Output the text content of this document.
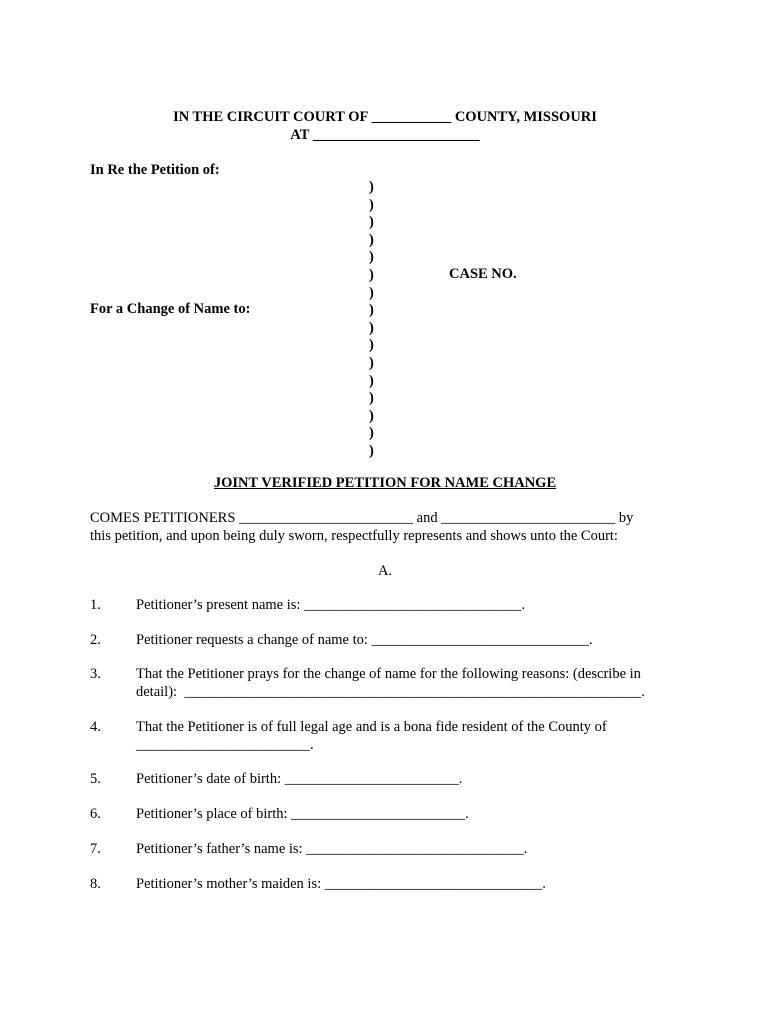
IN THE CIRCUIT COURT OF ___________ COUNTY, MISSOURI
AT _______________________
In Re the Petition of:
For a Change of Name to:
CASE NO.
)
)
)
)
)
)
)
)
)
)
)
)
)
)
)
)
JOINT VERIFIED PETITION FOR NAME CHANGE
COMES PETITIONERS ________________________ and ________________________ by
this petition, and upon being duly sworn, respectfully represents and shows unto the Court:
A.
1. Petitioner’s present name is: ______________________________.
2. Petitioner requests a change of name to: ______________________________.
3. That the Petitioner prays for the change of name for the following reasons: (describe in
detail):  _______________________________________________________________.
4. That the Petitioner is of full legal age and is a bona fide resident of the County of
________________________.
5. Petitioner’s date of birth: ________________________.
6. Petitioner’s place of birth: ________________________.
7. Petitioner’s father’s name is: ______________________________.
8. Petitioner’s mother’s maiden is: ______________________________.
